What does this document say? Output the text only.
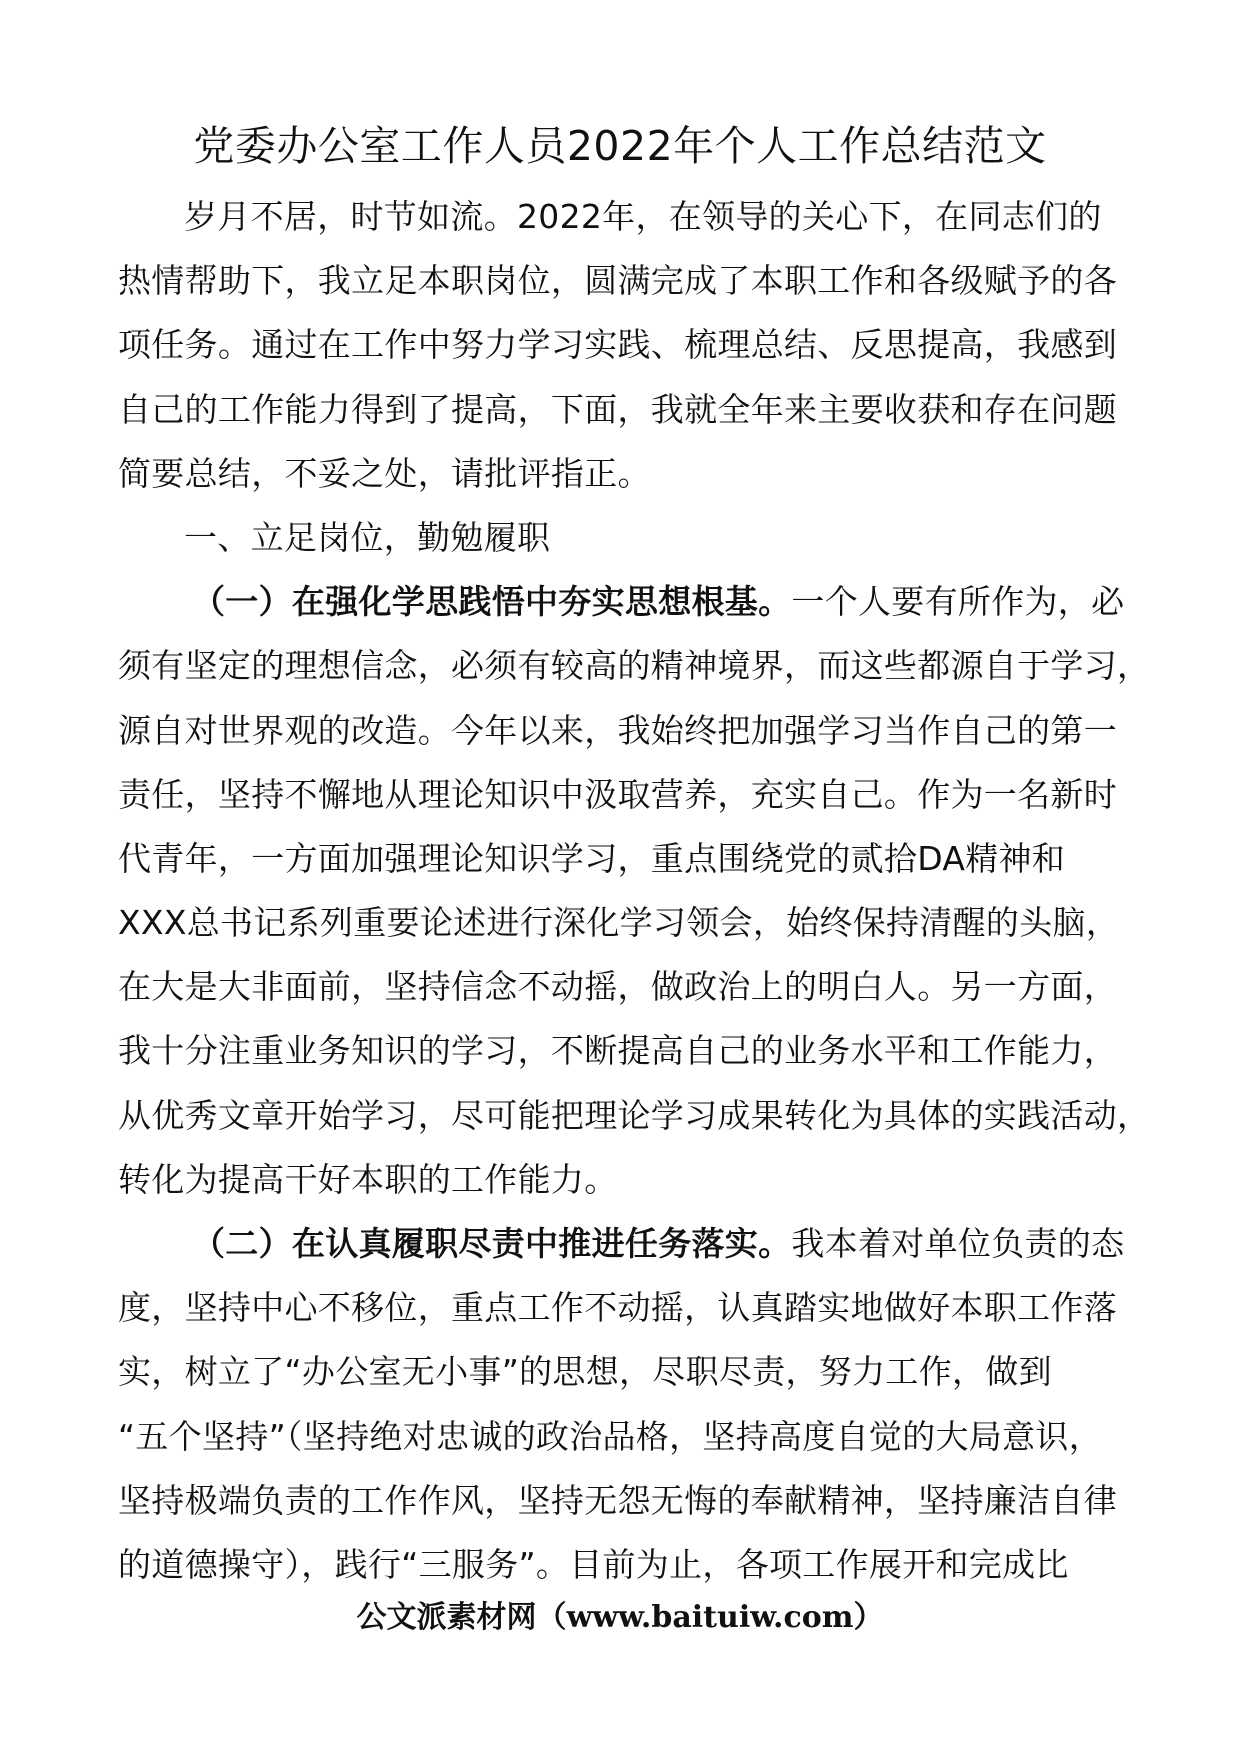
党委办公室工作人员2022年个人工作总结范文
岁月不居，时节如流。2022年，在领导的关心下，在同志们的
热情帮助下，我立足本职岗位，圆满完成了本职工作和各级赋予的各
项任务。通过在工作中努力学习实践、梳理总结、反思提高，我感到
自己的工作能力得到了提高，下面，我就全年来主要收获和存在问题
简要总结，不妥之处，请批评指正。
一、立足岗位，勤勉履职
（一）在强化学思践悟中夯实思想根基。一个人要有所作为，必
须有坚定的理想信念，必须有较高的精神境界，而这些都源自于学习，
源自对世界观的改造。今年以来，我始终把加强学习当作自己的第一
责任，坚持不懈地从理论知识中汲取营养，充实自己。作为一名新时
代青年，一方面加强理论知识学习，重点围绕党的贰拾DA精神和
XXX总书记系列重要论述进行深化学习领会，始终保持清醒的头脑，
在大是大非面前，坚持信念不动摇，做政治上的明白人。另一方面，
我十分注重业务知识的学习，不断提高自己的业务水平和工作能力，
从优秀文章开始学习，尽可能把理论学习成果转化为具体的实践活动，
转化为提高干好本职的工作能力。
（二）在认真履职尽责中推进任务落实。我本着对单位负责的态
度，坚持中心不移位，重点工作不动摇，认真踏实地做好本职工作落
实，树立了“办公室无小事”的思想，尽职尽责，努力工作，做到
“五个坚持”（坚持绝对忠诚的政治品格，坚持高度自觉的大局意识，
坚持极端负责的工作作风，坚持无怨无悔的奉献精神，坚持廉洁自律
的道德操守），践行“三服务”。目前为止，各项工作展开和完成比
公文派素材网（www.baituiw.com）
